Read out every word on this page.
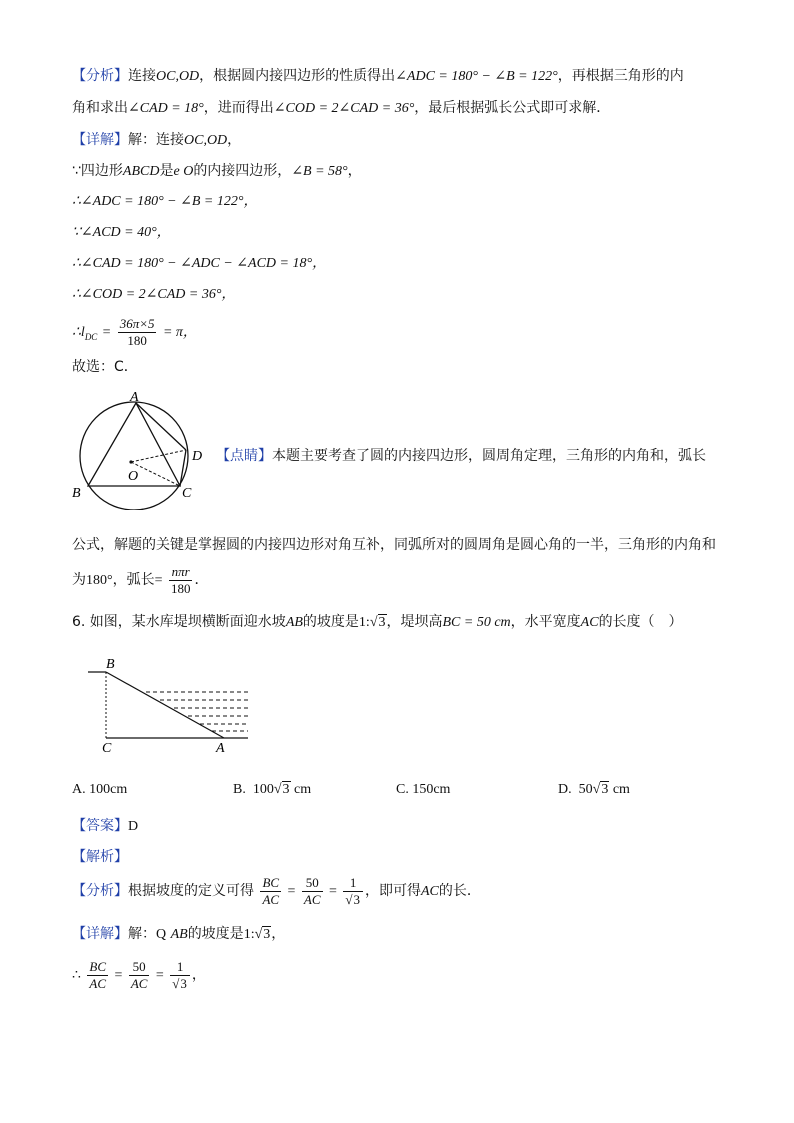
【分析】连接OC,OD，根据圆内接四边形的性质得出∠ADC = 180° − ∠B = 122°，再根据三角形的内
角和求出∠CAD = 18°，进而得出∠COD = 2∠CAD = 36°，最后根据弧长公式即可求解．
【详解】解：连接OC,OD，
∵四边形ABCD是e O的内接四边形，∠B = 58°，
∴∠ADC = 180° − ∠B = 122°，
∵∠ACD = 40°，
∴∠CAD = 180° − ∠ADC − ∠ACD = 18°，
∴∠COD = 2∠CAD = 36°，
$\therefore l_{DC} = \frac{36\pi\times 5}{180} = \pi$，
故选：C．
A
D
O
B	C
【点睛】本题主要考查了圆的内接四边形，圆周角定理，三角形的内角和，弧长
公式，解题的关键是掌握圆的内接四边形对角互补，同弧所对的圆周角是圆心角的一半，三角形的内角和
为180°，弧长= $\frac{\text{nπr}}{180}$ ．
6. 如图，某水库堤坝横断面迎水坡AB的坡度是1:√3，堤坝高BC = 50 cm，水平宽度AC的长度（　）
B
C	A
A. 100cm	B. 100√3 cm	C. 150cm	D. 50√3 cm
【答案】D
【解析】
【分析】根据坡度的定义可得 $\frac{BC}{AC} = \frac{50}{AC} = \frac{1}{√3}$ ，即可得AC的长．
【详解】解：Q AB的坡度是1:√3，
∴ $\frac{BC}{AC} = \frac{50}{AC} = \frac{1}{√3}$ ，
